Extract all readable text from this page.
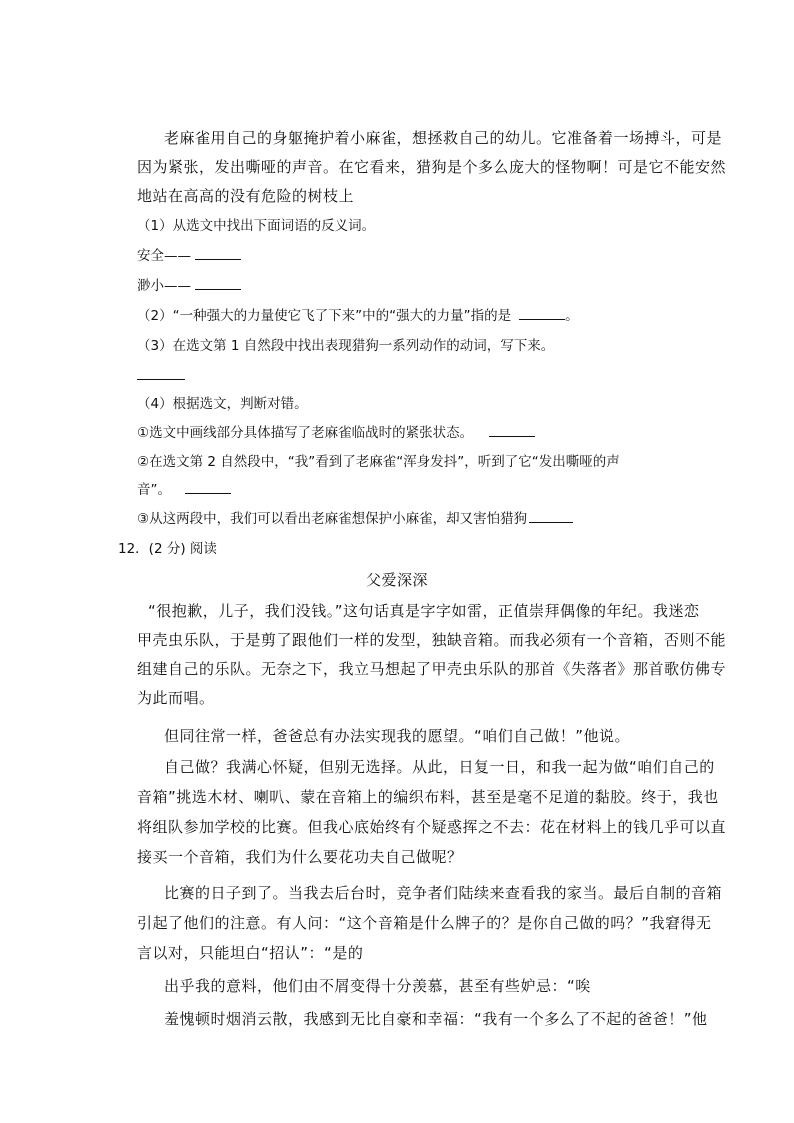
老麻雀用自己的身躯掩护着小麻雀，想拯救自己的幼儿。它准备着一场搏斗，可是
因为紧张，发出嘶哑的声音。在它看来，猎狗是个多么庞大的怪物啊！可是它不能安然
地站在高高的没有危险的树枝上
（1）从选文中找出下面词语的反义词。
安全——
渺小——
（2）“一种强大的力量使它飞了下来”中的“强大的力量”指的是	。
（3）在选文第 1 自然段中找出表现猎狗一系列动作的动词，写下来。
（4）根据选文，判断对错。
①选文中画线部分具体描写了老麻雀临战时的紧张状态。
②在选文第 2 自然段中，“我”看到了老麻雀“浑身发抖”，听到了它“发出嘶哑的声
音”。
③从这两段中，我们可以看出老麻雀想保护小麻雀，却又害怕猎狗
12．(2 分) 阅读
父爱深深
“很抱歉，儿子，我们没钱。”这句话真是字字如雷，正值崇拜偶像的年纪。我迷恋
甲壳虫乐队，于是剪了跟他们一样的发型，独缺音箱。而我必须有一个音箱，否则不能
组建自己的乐队。无奈之下，我立马想起了甲壳虫乐队的那首《失落者》那首歌仿佛专
为此而唱。
但同往常一样，爸爸总有办法实现我的愿望。“咱们自己做！”他说。
自己做？我满心怀疑，但别无选择。从此，日复一日，和我一起为做“咱们自己的
音箱”挑选木材、喇叭、蒙在音箱上的编织布料，甚至是毫不足道的黏胶。终于，我也
将组队参加学校的比赛。但我心底始终有个疑惑挥之不去：花在材料上的钱几乎可以直
接买一个音箱，我们为什么要花功夫自己做呢？
比赛的日子到了。当我去后台时，竞争者们陆续来查看我的家当。最后自制的音箱
引起了他们的注意。有人问：“这个音箱是什么牌子的？是你自己做的吗？”我窘得无
言以对，只能坦白“招认”：“是的
出乎我的意料，他们由不屑变得十分羡慕，甚至有些妒忌：“唉
羞愧顿时烟消云散，我感到无比自豪和幸福：“我有一个多么了不起的爸爸！”他
